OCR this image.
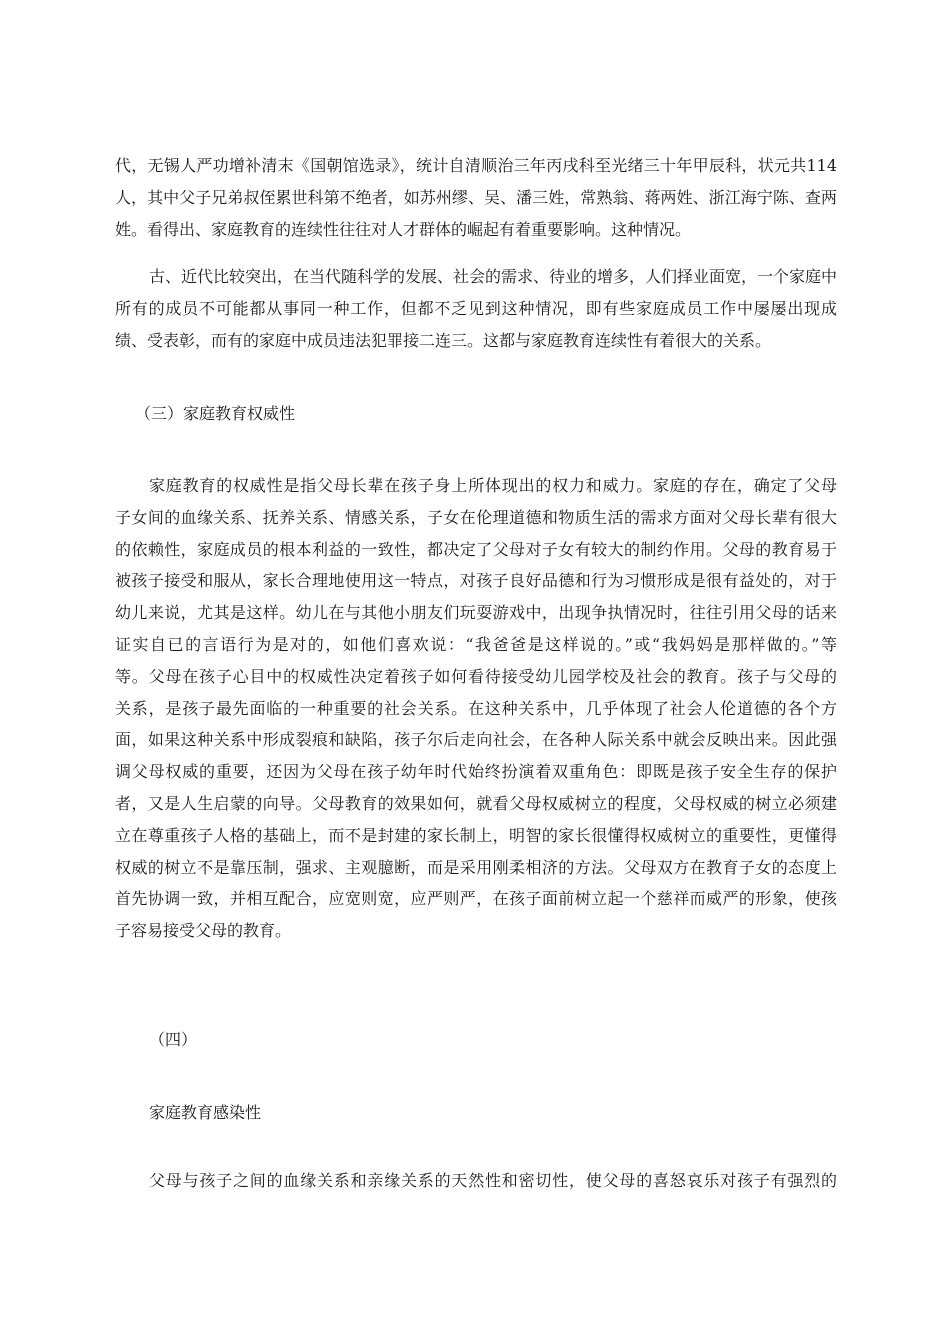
代，无锡人严功增补清末《国朝馆选录》，统计自清顺治三年丙戌科至光绪三十年甲辰科，状元共114
人，其中父子兄弟叔侄累世科第不绝者，如苏州缪、吴、潘三姓，常熟翁、蒋两姓、浙江海宁陈、查两
姓。看得出、家庭教育的连续性往往对人才群体的崛起有着重要影响。这种情况。
古、近代比较突出，在当代随科学的发展、社会的需求、待业的增多，人们择业面宽，一个家庭中
所有的成员不可能都从事同一种工作，但都不乏见到这种情况，即有些家庭成员工作中屡屡出现成
绩、受表彰，而有的家庭中成员违法犯罪接二连三。这都与家庭教育连续性有着很大的关系。
（三）家庭教育权威性
家庭教育的权威性是指父母长辈在孩子身上所体现出的权力和威力。家庭的存在，确定了父母
子女间的血缘关系、抚养关系、情感关系，子女在伦理道德和物质生活的需求方面对父母长辈有很大
的依赖性，家庭成员的根本利益的一致性，都决定了父母对子女有较大的制约作用。父母的教育易于
被孩子接受和服从，家长合理地使用这一特点，对孩子良好品德和行为习惯形成是很有益处的，对于
幼儿来说，尤其是这样。幼儿在与其他小朋友们玩耍游戏中，出现争执情况时，往往引用父母的话来
证实自已的言语行为是对的，如他们喜欢说：“我爸爸是这样说的。”或“我妈妈是那样做的。”等
等。父母在孩子心目中的权威性决定着孩子如何看待接受幼儿园学校及社会的教育。孩子与父母的
关系，是孩子最先面临的一种重要的社会关系。在这种关系中，几乎体现了社会人伦道德的各个方
面，如果这种关系中形成裂痕和缺陷，孩子尔后走向社会，在各种人际关系中就会反映出来。因此强
调父母权威的重要，还因为父母在孩子幼年时代始终扮演着双重角色：即既是孩子安全生存的保护
者，又是人生启蒙的向导。父母教育的效果如何，就看父母权威树立的程度，父母权威的树立必须建
立在尊重孩子人格的基础上，而不是封建的家长制上，明智的家长很懂得权威树立的重要性，更懂得
权威的树立不是靠压制，强求、主观臆断，而是采用刚柔相济的方法。父母双方在教育子女的态度上
首先协调一致，并相互配合，应宽则宽，应严则严，在孩子面前树立起一个慈祥而威严的形象，使孩
子容易接受父母的教育。
（四）
家庭教育感染性
父母与孩子之间的血缘关系和亲缘关系的天然性和密切性，使父母的喜怒哀乐对孩子有强烈的
